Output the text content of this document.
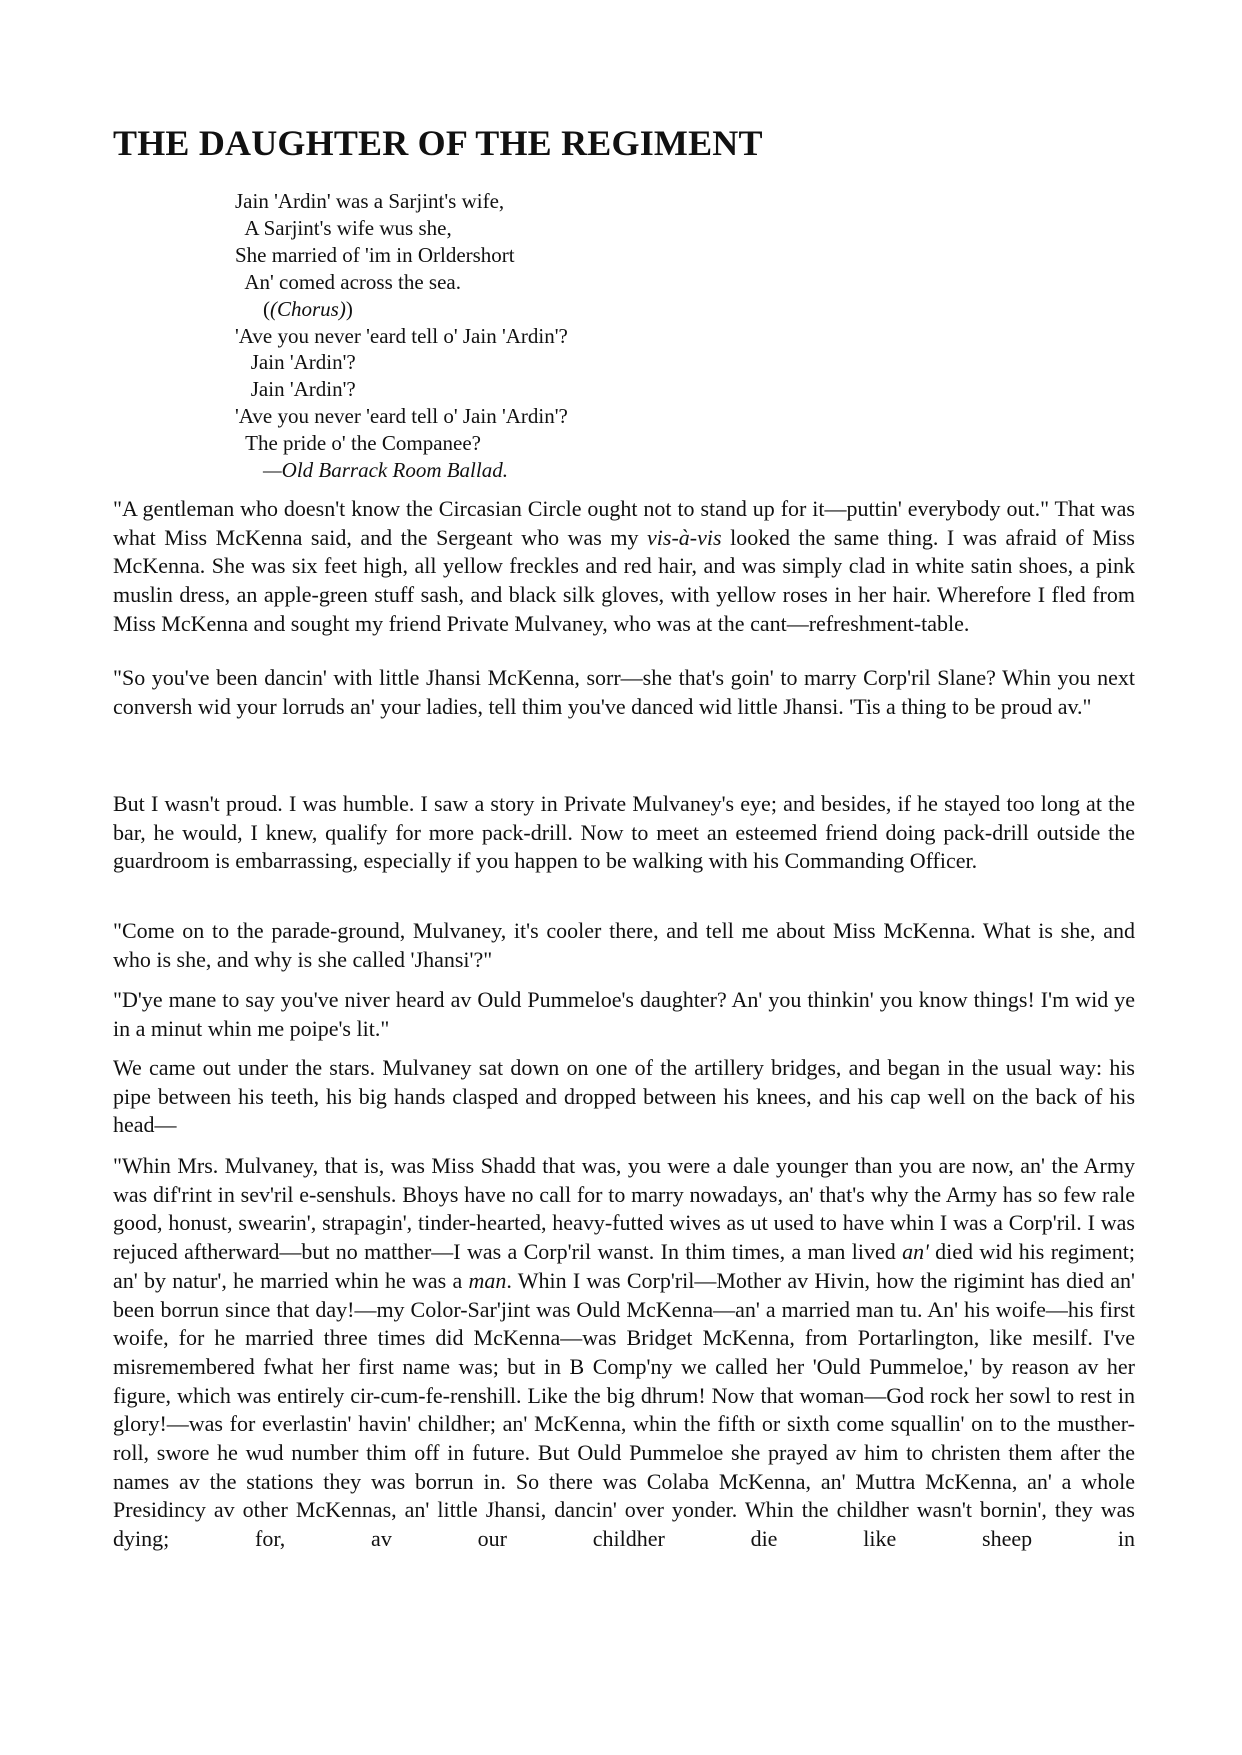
THE DAUGHTER OF THE REGIMENT
Jain 'Ardin' was a Sarjint's wife,
A Sarjint's wife wus she,
She married of 'im in Orldershort
An' comed across the sea.
((Chorus))
'Ave you never 'eard tell o' Jain 'Ardin'?
Jain 'Ardin'?
Jain 'Ardin'?
'Ave you never 'eard tell o' Jain 'Ardin'?
The pride o' the Companee?
—Old Barrack Room Ballad.

"A gentleman who doesn't know the Circasian Circle ought not to stand up for it—puttin' everybody out." That was what Miss McKenna said, and the Sergeant who was my vis-à-vis looked the same thing. I was afraid of Miss McKenna. She was six feet high, all yellow freckles and red hair, and was simply clad in white satin shoes, a pink muslin dress, an apple-green stuff sash, and black silk gloves, with yellow roses in her hair. Wherefore I fled from Miss McKenna and sought my friend Private Mulvaney, who was at the cant—refreshment-table.

"So you've been dancin' with little Jhansi McKenna, sorr—she that's goin' to marry Corp'ril Slane? Whin you next conversh wid your lorruds an' your ladies, tell thim you've danced wid little Jhansi. 'Tis a thing to be proud av."

But I wasn't proud. I was humble. I saw a story in Private Mulvaney's eye; and besides, if he stayed too long at the bar, he would, I knew, qualify for more pack-drill. Now to meet an esteemed friend doing pack-drill outside the guardroom is embarrassing, especially if you happen to be walking with his Commanding Officer.

"Come on to the parade-ground, Mulvaney, it's cooler there, and tell me about Miss McKenna. What is she, and who is she, and why is she called 'Jhansi'?"

"D'ye mane to say you've niver heard av Ould Pummeloe's daughter? An' you thinkin' you know things! I'm wid ye in a minut whin me poipe's lit."

We came out under the stars. Mulvaney sat down on one of the artillery bridges, and began in the usual way: his pipe between his teeth, his big hands clasped and dropped between his knees, and his cap well on the back of his head—

"Whin Mrs. Mulvaney, that is, was Miss Shadd that was, you were a dale younger than you are now, an' the Army was dif'rint in sev'ril e-senshuls. Bhoys have no call for to marry nowadays, an' that's why the Army has so few rale good, honust, swearin', strapagin', tinder-hearted, heavy-futted wives as ut used to have whin I was a Corp'ril. I was rejuced aftherward—but no matther—I was a Corp'ril wanst. In thim times, a man lived an' died wid his regiment; an' by natur', he married whin he was a man. Whin I was Corp'ril—Mother av Hivin, how the rigimint has died an' been borrun since that day!—my Color-Sar'jint was Ould McKenna—an' a married man tu. An' his woife—his first woife, for he married three times did McKenna—was Bridget McKenna, from Portarlington, like mesilf. I've misremembered fwhat her first name was; but in B Comp'ny we called her 'Ould Pummeloe,' by reason av her figure, which was entirely cir-cum-fe-renshill. Like the big dhrum! Now that woman—God rock her sowl to rest in glory!—was for everlastin' havin' childher; an' McKenna, whin the fifth or sixth come squallin' on to the musther-roll, swore he wud number thim off in future. But Ould Pummeloe she prayed av him to christen them after the names av the stations they was borrun in. So there was Colaba McKenna, an' Muttra McKenna, an' a whole Presidincy av other McKennas, an' little Jhansi, dancin' over yonder. Whin the childher wasn't bornin', they was dying; for, av our childher die like sheep in
